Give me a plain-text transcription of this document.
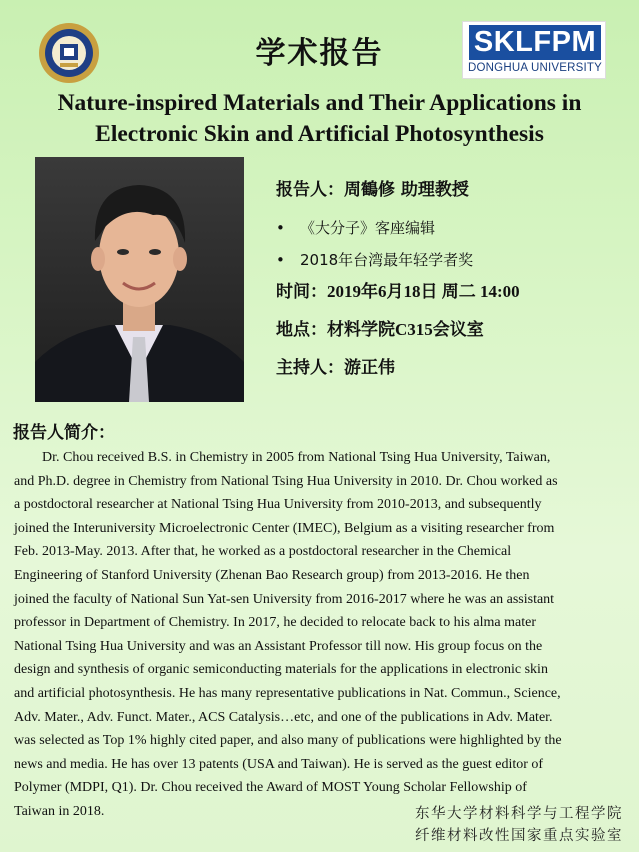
学术报告	SKLFPM
DONGHUA UNIVERSITY
Nature-inspired Materials and Their Applications in
Electronic Skin and Artificial Photosynthesis
报告人：周鶴修 助理教授
• 《大分子》客座编辑
• 2018年台湾最年轻学者奖
时间：2019年6月18日 周二 14:00
地点：材料学院C315会议室
主持人：游正伟
报告人简介：
Dr. Chou received B.S. in Chemistry in 2005 from National Tsing Hua University, Taiwan,
and Ph.D. degree in Chemistry from National Tsing Hua University in 2010. Dr. Chou worked as
a postdoctoral researcher at National Tsing Hua University from 2010-2013, and subsequently
joined the Interuniversity Microelectronic Center (IMEC), Belgium as a visiting researcher from
Feb. 2013-May. 2013. After that, he worked as a postdoctoral researcher in the Chemical
Engineering of Stanford University (Zhenan Bao Research group) from 2013-2016. He then
joined the faculty of National Sun Yat-sen University from 2016-2017 where he was an assistant
professor in Department of Chemistry. In 2017, he decided to relocate back to his alma mater
National Tsing Hua University and was an Assistant Professor till now. His group focus on the
design and synthesis of organic semiconducting materials for the applications in electronic skin
and artificial photosynthesis. He has many representative publications in Nat. Commun., Science,
Adv. Mater., Adv. Funct. Mater., ACS Catalysis…etc, and one of the publications in Adv. Mater.
was selected as Top 1% highly cited paper, and also many of publications were highlighted by the
news and media. He has over 13 patents (USA and Taiwan). He is served as the guest editor of
Polymer (MDPI, Q1). Dr. Chou received the Award of MOST Young Scholar Fellowship of
Taiwan in 2018.	东华大学材料科学与工程学院
纤维材料改性国家重点实验室
